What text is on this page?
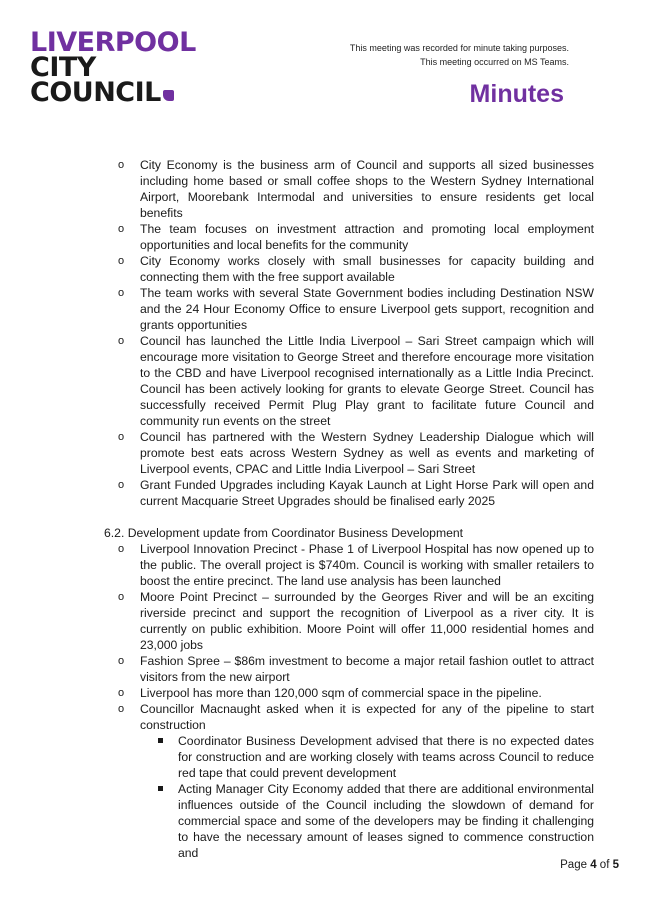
LIVERPOOL
CITY
COUNCIL
This meeting was recorded for minute taking purposes.
This meeting occurred on MS Teams.
Minutes
o City Economy is the business arm of Council and supports all sized businesses including home based or small coffee shops to the Western Sydney International Airport, Moorebank Intermodal and universities to ensure residents get local benefits
o The team focuses on investment attraction and promoting local employment opportunities and local benefits for the community
o City Economy works closely with small businesses for capacity building and connecting them with the free support available
o The team works with several State Government bodies including Destination NSW and the 24 Hour Economy Office to ensure Liverpool gets support, recognition and grants opportunities
o Council has launched the Little India Liverpool – Sari Street campaign which will encourage more visitation to George Street and therefore encourage more visitation to the CBD and have Liverpool recognised internationally as a Little India Precinct. Council has been actively looking for grants to elevate George Street. Council has successfully received Permit Plug Play grant to facilitate future Council and community run events on the street
o Council has partnered with the Western Sydney Leadership Dialogue which will promote best eats across Western Sydney as well as events and marketing of Liverpool events, CPAC and Little India Liverpool – Sari Street
o Grant Funded Upgrades including Kayak Launch at Light Horse Park will open and current Macquarie Street Upgrades should be finalised early 2025
6.2. Development update from Coordinator Business Development
o Liverpool Innovation Precinct - Phase 1 of Liverpool Hospital has now opened up to the public. The overall project is $740m. Council is working with smaller retailers to boost the entire precinct. The land use analysis has been launched
o Moore Point Precinct – surrounded by the Georges River and will be an exciting riverside precinct and support the recognition of Liverpool as a river city. It is currently on public exhibition. Moore Point will offer 11,000 residential homes and 23,000 jobs
o Fashion Spree – $86m investment to become a major retail fashion outlet to attract visitors from the new airport
o Liverpool has more than 120,000 sqm of commercial space in the pipeline.
o Councillor Macnaught asked when it is expected for any of the pipeline to start construction
Coordinator Business Development advised that there is no expected dates for construction and are working closely with teams across Council to reduce red tape that could prevent development
Acting Manager City Economy added that there are additional environmental influences outside of the Council including the slowdown of demand for commercial space and some of the developers may be finding it challenging to have the necessary amount of leases signed to commence construction and
Page 4 of 5
